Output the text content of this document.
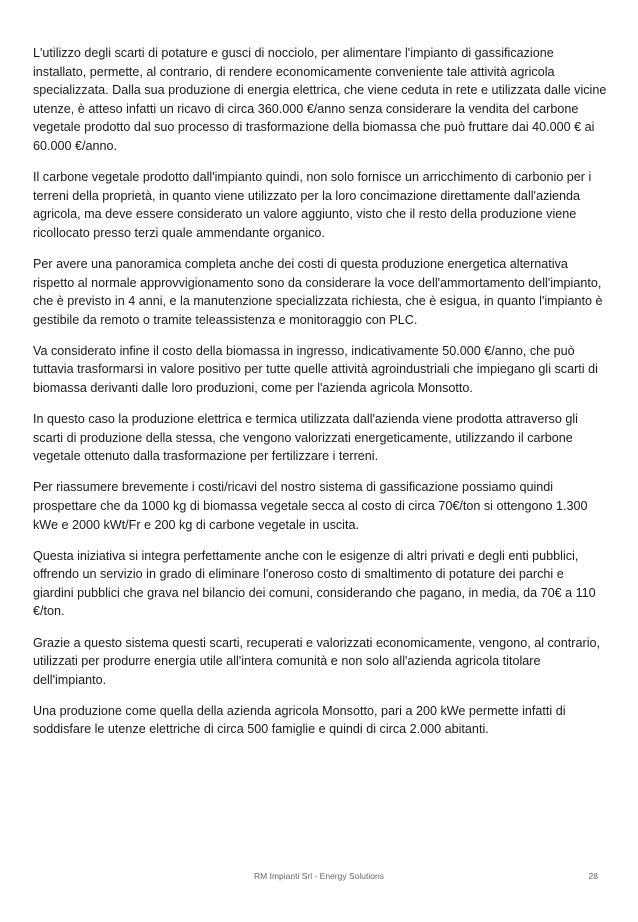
L'utilizzo degli scarti di potature e gusci di nocciolo, per alimentare l'impianto di gassificazione installato, permette, al contrario, di rendere economicamente conveniente tale attività agricola specializzata. Dalla sua produzione di energia elettrica, che viene ceduta in rete e utilizzata dalle vicine utenze, è atteso infatti un ricavo di circa 360.000 €/anno senza considerare la vendita del carbone vegetale prodotto dal suo processo di trasformazione della biomassa che può fruttare dai 40.000 € ai 60.000 €/anno.

Il carbone vegetale prodotto dall'impianto quindi, non solo fornisce un arricchimento di carbonio per i terreni della proprietà, in quanto viene utilizzato per la loro concimazione direttamente dall'azienda agricola, ma deve essere considerato un valore aggiunto, visto che il resto della produzione viene ricollocato presso terzi quale ammendante organico.

Per avere una panoramica completa anche dei costi di questa produzione energetica alternativa rispetto al normale approvvigionamento sono da considerare la voce dell'ammortamento dell'impianto, che è previsto in 4 anni, e la manutenzione specializzata richiesta, che è esigua, in quanto l'impianto è gestibile da remoto o tramite teleassistenza e monitoraggio con PLC.

Va considerato infine il costo della biomassa in ingresso, indicativamente 50.000 €/anno, che può tuttavia trasformarsi in valore positivo per tutte quelle attività agroindustriali che impiegano gli scarti di biomassa derivanti dalle loro produzioni, come per l'azienda agricola Monsotto.

In questo caso la produzione elettrica e termica utilizzata dall'azienda viene prodotta attraverso gli scarti di produzione della stessa, che vengono valorizzati energeticamente, utilizzando il carbone vegetale ottenuto dalla trasformazione per fertilizzare i terreni.

Per riassumere brevemente i costi/ricavi del nostro sistema di gassificazione possiamo quindi prospettare che da 1000 kg di biomassa vegetale secca al costo di circa 70€/ton si ottengono 1.300 kWe e 2000 kWt/Fr e 200 kg di carbone vegetale in uscita.

Questa iniziativa si integra perfettamente anche con le esigenze di altri privati e degli enti pubblici, offrendo un servizio in grado di eliminare l'oneroso costo di smaltimento di potature dei parchi e giardini pubblici che grava nel bilancio dei comuni, considerando che pagano, in media, da 70€ a 110 €/ton.

Grazie a questo sistema questi scarti, recuperati e valorizzati economicamente, vengono, al contrario, utilizzati per produrre energia utile all'intera comunità e non solo all'azienda agricola titolare dell'impianto.

Una produzione come quella della azienda agricola Monsotto, pari a 200 kWe permette infatti di soddisfare le utenze elettriche di circa 500 famiglie e quindi di circa 2.000 abitanti.

RM Impianti Srl - Energy Solutions	28
